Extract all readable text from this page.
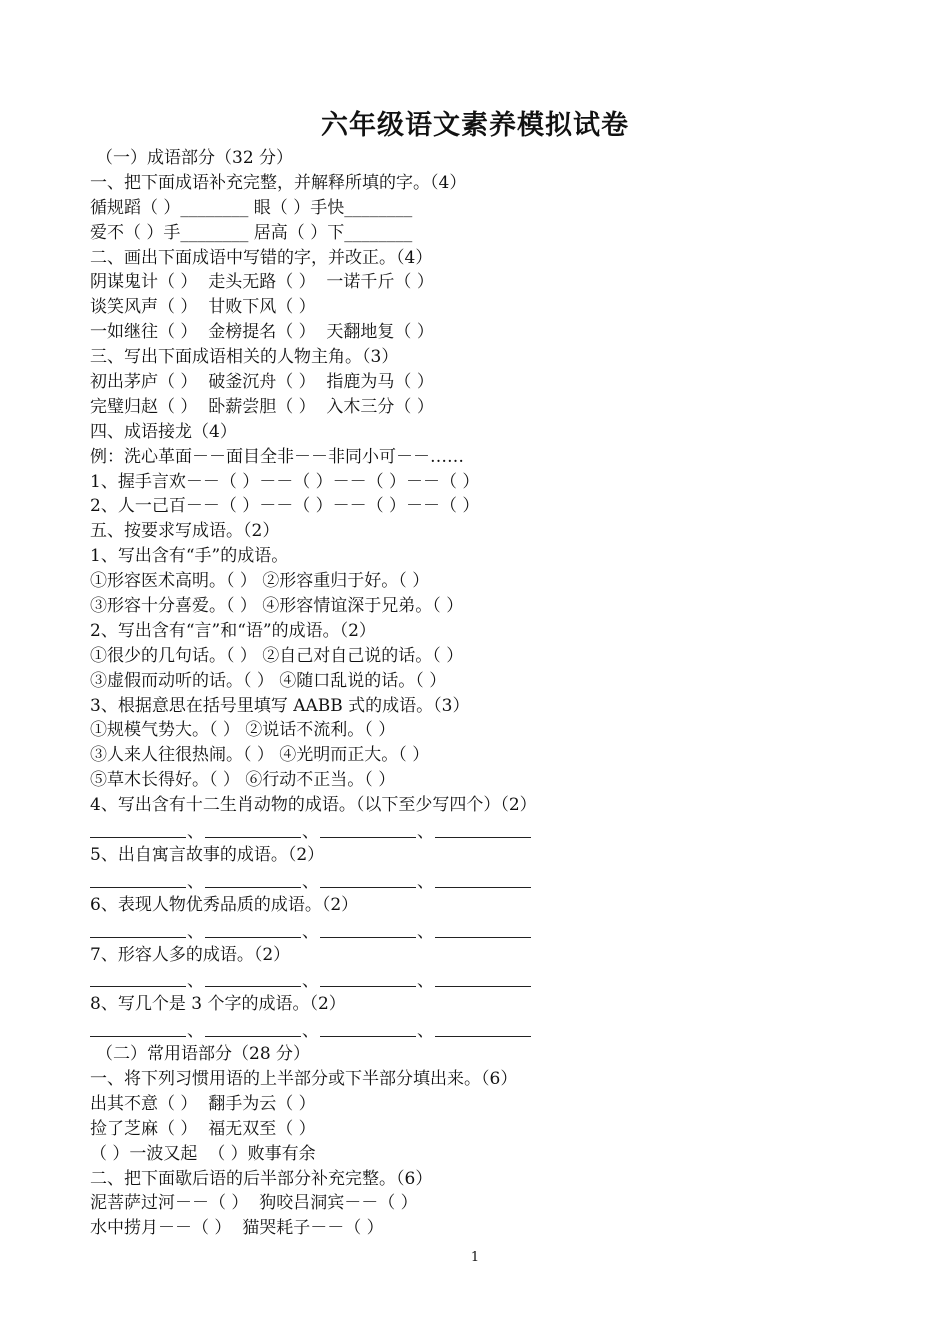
六年级语文素养模拟试卷
（一）成语部分（32 分）
一、把下面成语补充完整，并解释所填的字。（4）
循规蹈（ ）________ 眼（ ）手快________
爱不（ ）手________ 居高（ ）下________
二、画出下面成语中写错的字，并改正。（4）
阴谋鬼计（ ）  走头无路（ ）  一诺千斤（ ）
谈笑风声（ ）  甘败下风（ ）
一如继往（ ）  金榜提名（ ）  天翻地复（ ）
三、写出下面成语相关的人物主角。（3）
初出茅庐（ ）  破釜沉舟（ ）  指鹿为马（ ）
完璧归赵（ ）  卧薪尝胆（ ）  入木三分（ ）
四、成语接龙（4）
例：洗心革面－－面目全非－－非同小可－－……
1、握手言欢－－（ ）－－（ ）－－（ ）－－（ ）
2、人一己百－－（ ）－－（ ）－－（ ）－－（ ）
五、按要求写成语。（2）
1、写出含有“手”的成语。
①形容医术高明。（ ） ②形容重归于好。（ ）
③形容十分喜爱。（ ） ④形容情谊深于兄弟。（ ）
2、写出含有“言”和“语”的成语。（2）
①很少的几句话。（ ） ②自己对自己说的话。（ ）
③虚假而动听的话。（ ） ④随口乱说的话。（ ）
3、根据意思在括号里填写 AABB 式的成语。（3）
①规模气势大。（ ） ②说话不流利。（ ）
③人来人往很热闹。（ ） ④光明而正大。（ ）
⑤草木长得好。（ ） ⑥行动不正当。（ ）
4、写出含有十二生肖动物的成语。（以下至少写四个）（2）
、	、	、
5、出自寓言故事的成语。（2）
、	、	、
6、表现人物优秀品质的成语。（2）
、	、	、
7、形容人多的成语。（2）
、	、	、
8、写几个是 3 个字的成语。（2）
、	、	、
（二）常用语部分（28 分）
一、将下列习惯用语的上半部分或下半部分填出来。（6）
出其不意（ ）  翻手为云（ ）
捡了芝麻（ ）  福无双至（ ）
（ ）一波又起  （ ）败事有余
二、把下面歇后语的后半部分补充完整。（6）
泥菩萨过河－－（ ）  狗咬吕洞宾－－（ ）
水中捞月－－（ ）  猫哭耗子－－（ ）
1
